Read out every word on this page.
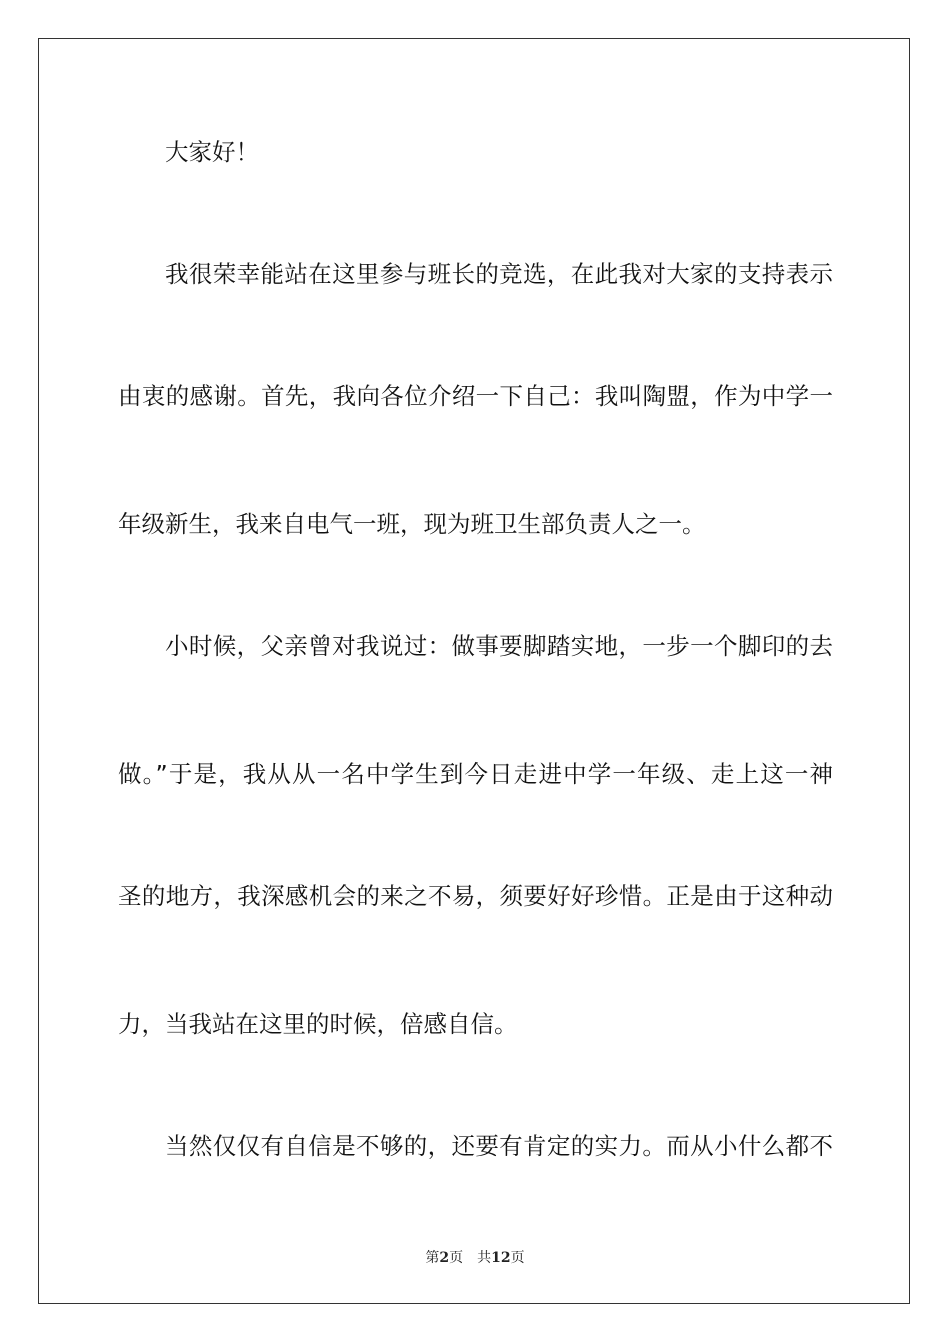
大家好！
我很荣幸能站在这里参与班长的竞选，在此我对大家的支持表示
由衷的感谢。首先，我向各位介绍一下自己：我叫陶盟，作为中学一
年级新生，我来自电气一班，现为班卫生部负责人之一。
小时候，父亲曾对我说过：做事要脚踏实地，一步一个脚印的去
做。”于是，我从从一名中学生到今日走进中学一年级、走上这一神
圣的地方，我深感机会的来之不易，须要好好珍惜。正是由于这种动
力，当我站在这里的时候，倍感自信。
当然仅仅有自信是不够的，还要有肯定的实力。而从小什么都不
第2页 共12页
